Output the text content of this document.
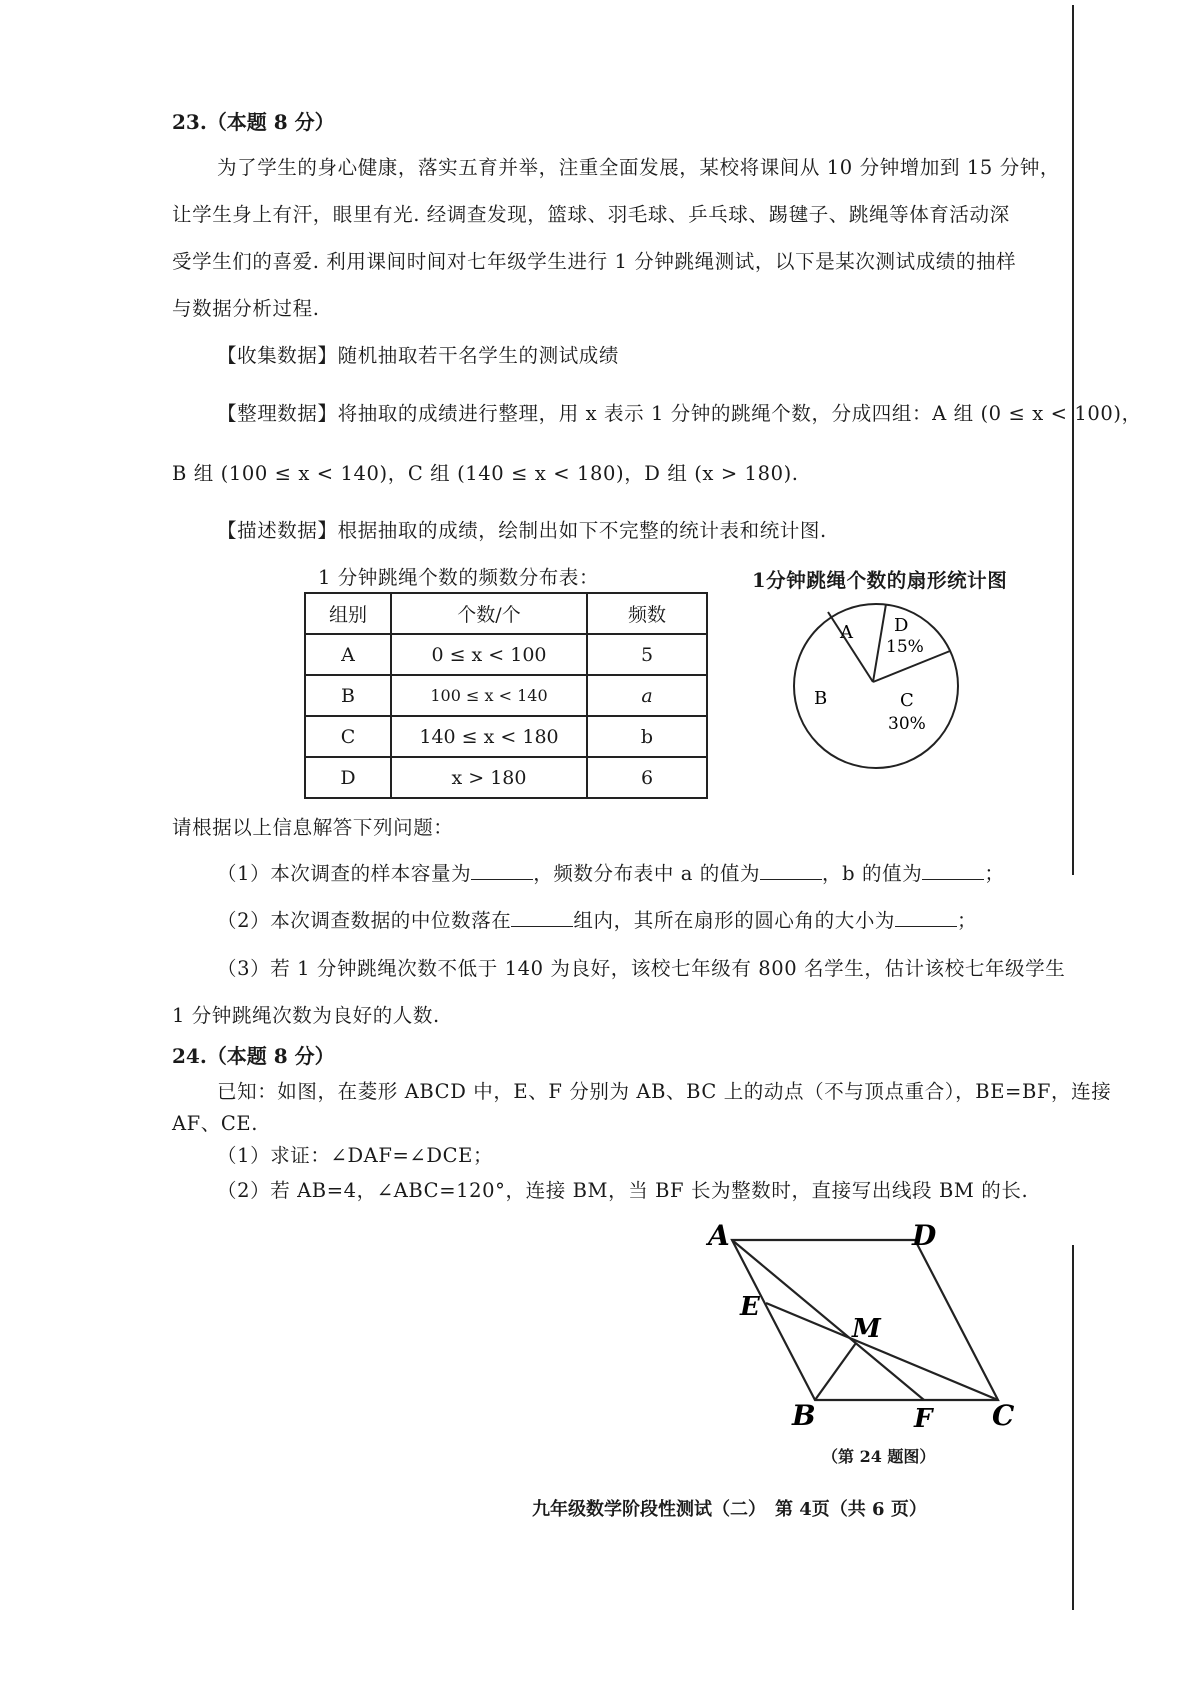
23.（本题 8 分）
为了学生的身心健康，落实五育并举，注重全面发展，某校将课间从 10 分钟增加到 15 分钟，
让学生身上有汗，眼里有光. 经调查发现，篮球、羽毛球、乒乓球、踢毽子、跳绳等体育活动深
受学生们的喜爱. 利用课间时间对七年级学生进行 1 分钟跳绳测试，以下是某次测试成绩的抽样
与数据分析过程.
【收集数据】随机抽取若干名学生的测试成绩
【整理数据】将抽取的成绩进行整理，用 x 表示 1 分钟的跳绳个数，分成四组：A 组 (0 ≤ x < 100)，
B 组 (100 ≤ x < 140)，C 组 (140 ≤ x < 180)，D 组 (x > 180).
【描述数据】根据抽取的成绩，绘制出如下不完整的统计表和统计图.
1 分钟跳绳个数的频数分布表：	1分钟跳绳个数的扇形统计图
组别	个数/个	频数
A	0 ≤ x < 100	5
B	100 ≤ x < 140	a
C	140 ≤ x < 180	b
D	x > 180	6
A
B	C
30%
D
15%
请根据以上信息解答下列问题：
（1）本次调查的样本容量为	，频数分布表中 a 的值为	，b 的值为	；
（2）本次调查数据的中位数落在	组内，其所在扇形的圆心角的大小为	；
（3）若 1 分钟跳绳次数不低于 140 为良好，该校七年级有 800 名学生，估计该校七年级学生
1 分钟跳绳次数为良好的人数.
24.（本题 8 分）
已知：如图，在菱形 ABCD 中，E、F 分别为 AB、BC 上的动点（不与顶点重合），BE=BF，连接
AF、CE.
（1）求证：∠DAF=∠DCE；
（2）若 AB=4，∠ABC=120°，连接 BM，当 BF 长为整数时，直接写出线段 BM 的长.
A	D
E
M
B	F C
（第 24 题图）
九年级数学阶段性测试（二）　第 4页（共 6 页）
